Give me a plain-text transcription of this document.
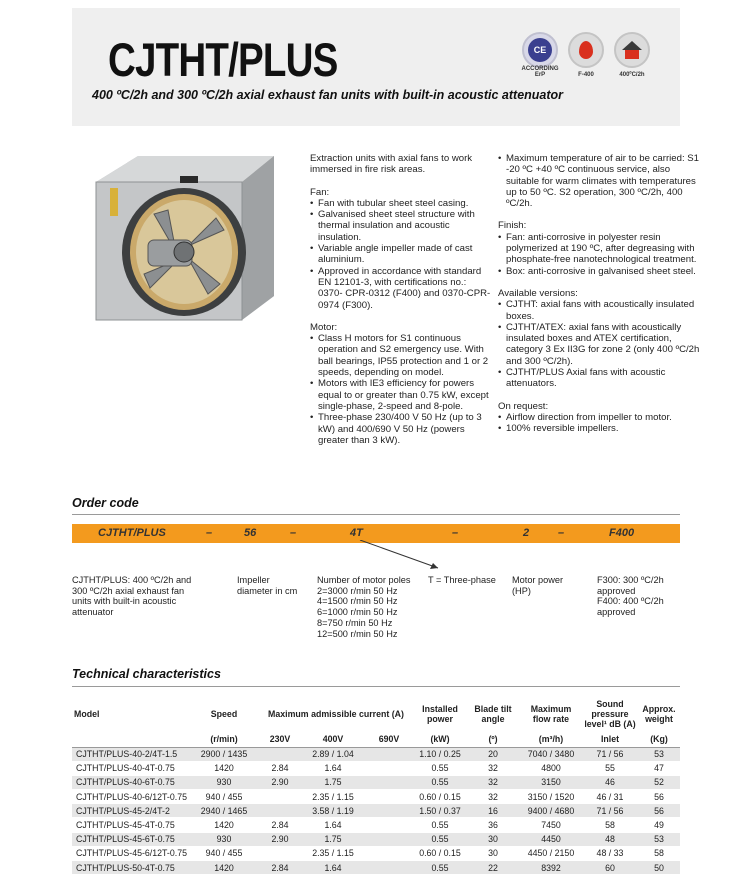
CJTHT/PLUS
400 ºC/2h and 300 ºC/2h axial exhaust fan units with built-in acoustic attenuator
CE
ACCORDING
ErP	F-400	400ºC/2h

Extraction units with axial fans to work immersed in fire risk areas.

Fan:
• Fan with tubular sheet steel casing.
• Galvanised sheet steel structure with thermal insulation and acoustic insulation.
• Variable angle impeller made of cast aluminium.
• Approved in accordance with standard EN 12101-3, with certifications no.: 0370- CPR-0312 (F400) and 0370-CPR-0974 (F300).
Motor:
• Class H motors for S1 continuous operation and S2 emergency use. With ball bearings, IP55 protection and 1 or 2 speeds, depending on model.
• Motors with IE3 efficiency for powers equal to or greater than 0.75 kW, except single-phase, 2-speed and 8-pole.
• Three-phase 230/400 V 50 Hz (up to 3 kW) and 400/690 V 50 Hz (powers greater than 3 kW).
• Maximum temperature of air to be carried: S1 -20 ºC +40 ºC continuous service, also suitable for warm climates with temperatures up to 50 ºC. S2 operation, 300 ºC/2h, 400 ºC/2h.
Finish:
• Fan: anti-corrosive in polyester resin polymerized at 190 ºC, after degreasing with phosphate-free nanotechnological treatment.
• Box: anti-corrosive in galvanised sheet steel.
Available versions:
• CJTHT: axial fans with acoustically insulated boxes.
• CJTHT/ATEX: axial fans with acoustically insulated boxes and ATEX certification, category 3 Ex II3G for zone 2 (only 400 ºC/2h and 300 ºC/2h).
• CJTHT/PLUS Axial fans with acoustic attenuators.
On request:
• Airflow direction from impeller to motor.
• 100% reversible impellers.
Order code
CJTHT/PLUS	–	56	–	4T	–	2	–	F400
CJTHT/PLUS: 400 ºC/2h and 300 ºC/2h axial exhaust fan units with built-in acoustic attenuator
Impeller diameter in cm
Number of motor poles
2=3000 r/min 50 Hz
4=1500 r/min 50 Hz
6=1000 r/min 50 Hz
8=750 r/min 50 Hz
12=500 r/min 50 Hz
T = Three-phase	Motor power (HP)
F300: 300 ºC/2h approved
F400: 400 ºC/2h approved
Technical characteristics
Model	Speed	Maximum admissible current (A)			Installed power	Blade tilt angle	Maximum flow rate	Sound pressure level¹ dB (A)	Approx. weight
	(r/min)	230V	400V	690V	(kW)	(º)	(m³/h)	Inlet	(Kg)
CJTHT/PLUS-40-2/4T-1.5	2900 / 1435		2.89 / 1.04		1.10 / 0.25	20	7040 / 3480	71 / 56	53
CJTHT/PLUS-40-4T-0.75	1420	2.84	1.64		0.55	32	4800	55	47
CJTHT/PLUS-40-6T-0.75	930	2.90	1.75		0.55	32	3150	46	52
CJTHT/PLUS-40-6/12T-0.75	940 / 455		2.35 / 1.15		0.60 / 0.15	32	3150 / 1520	46 / 31	56
CJTHT/PLUS-45-2/4T-2	2940 / 1465		3.58 / 1.19		1.50 / 0.37	16	9400 / 4680	71 / 56	56
CJTHT/PLUS-45-4T-0.75	1420	2.84	1.64		0.55	36	7450	58	49
CJTHT/PLUS-45-6T-0.75	930	2.90	1.75		0.55	30	4450	48	53
CJTHT/PLUS-45-6/12T-0.75	940 / 455		2.35 / 1.15		0.60 / 0.15	30	4450 / 2150	48 / 33	58
CJTHT/PLUS-50-4T-0.75	1420	2.84	1.64		0.55	22	8392	60	50
